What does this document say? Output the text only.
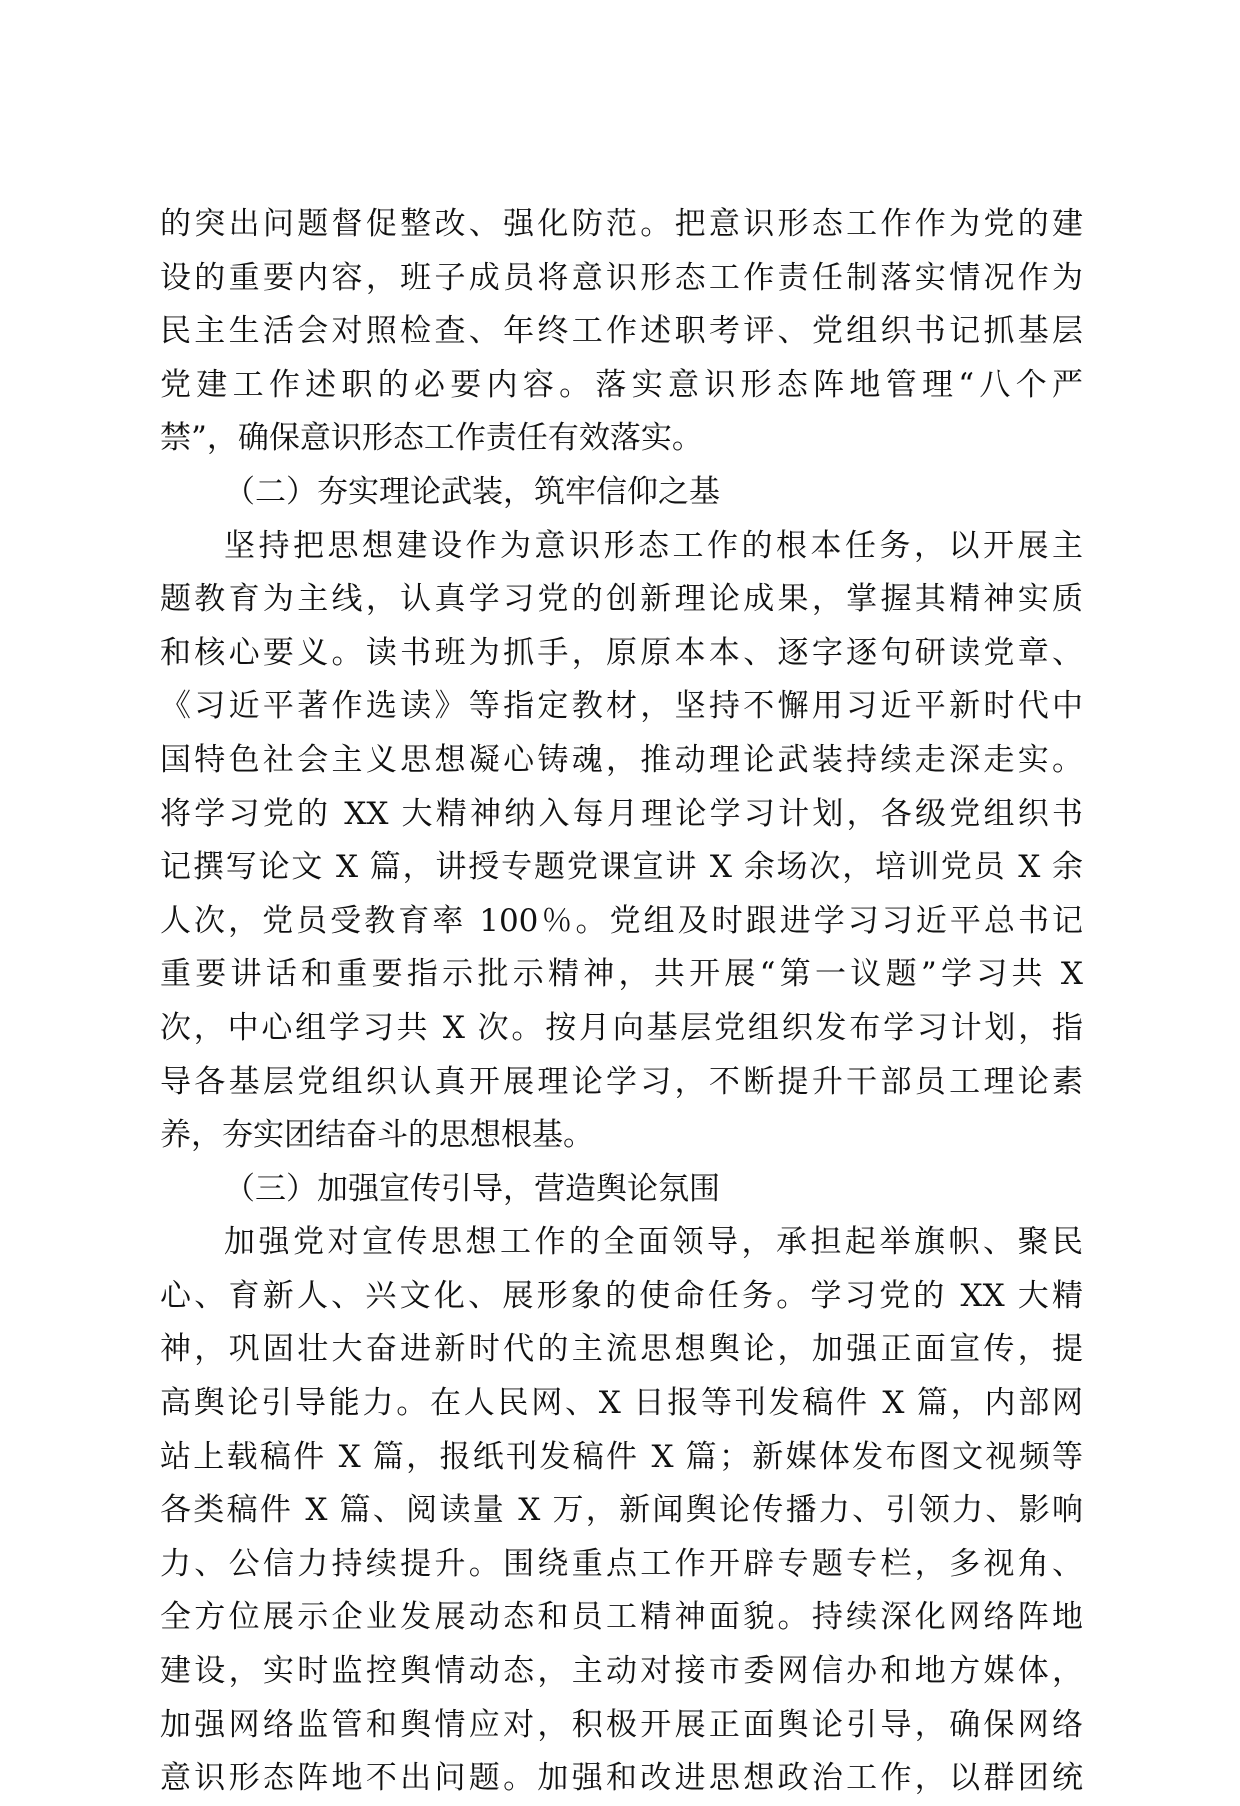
的突出问题督促整改、强化防范。把意识形态工作作为党的建
设的重要内容，班子成员将意识形态工作责任制落实情况作为
民主生活会对照检查、年终工作述职考评、党组织书记抓基层
党建工作述职的必要内容。落实意识形态阵地管理“八个严
禁”，确保意识形态工作责任有效落实。
（二）夯实理论武装，筑牢信仰之基
坚持把思想建设作为意识形态工作的根本任务，以开展主
题教育为主线，认真学习党的创新理论成果，掌握其精神实质
和核心要义。读书班为抓手，原原本本、逐字逐句研读党章、
《习近平著作选读》等指定教材，坚持不懈用习近平新时代中
国特色社会主义思想凝心铸魂，推动理论武装持续走深走实。
将学习党的 XX 大精神纳入每月理论学习计划，各级党组织书
记撰写论文 X 篇，讲授专题党课宣讲 X 余场次，培训党员 X 余
人次，党员受教育率 100％。党组及时跟进学习习近平总书记
重要讲话和重要指示批示精神，共开展“第一议题”学习共 X
次，中心组学习共 X 次。按月向基层党组织发布学习计划，指
导各基层党组织认真开展理论学习，不断提升干部员工理论素
养，夯实团结奋斗的思想根基。
（三）加强宣传引导，营造舆论氛围
加强党对宣传思想工作的全面领导，承担起举旗帜、聚民
心、育新人、兴文化、展形象的使命任务。学习党的 XX 大精
神，巩固壮大奋进新时代的主流思想舆论，加强正面宣传，提
高舆论引导能力。在人民网、X 日报等刊发稿件 X 篇，内部网
站上载稿件 X 篇，报纸刊发稿件 X 篇；新媒体发布图文视频等
各类稿件 X 篇、阅读量 X 万，新闻舆论传播力、引领力、影响
力、公信力持续提升。围绕重点工作开辟专题专栏，多视角、
全方位展示企业发展动态和员工精神面貌。持续深化网络阵地
建设，实时监控舆情动态，主动对接市委网信办和地方媒体，
加强网络监管和舆情应对，积极开展正面舆论引导，确保网络
意识形态阵地不出问题。加强和改进思想政治工作，以群团统
